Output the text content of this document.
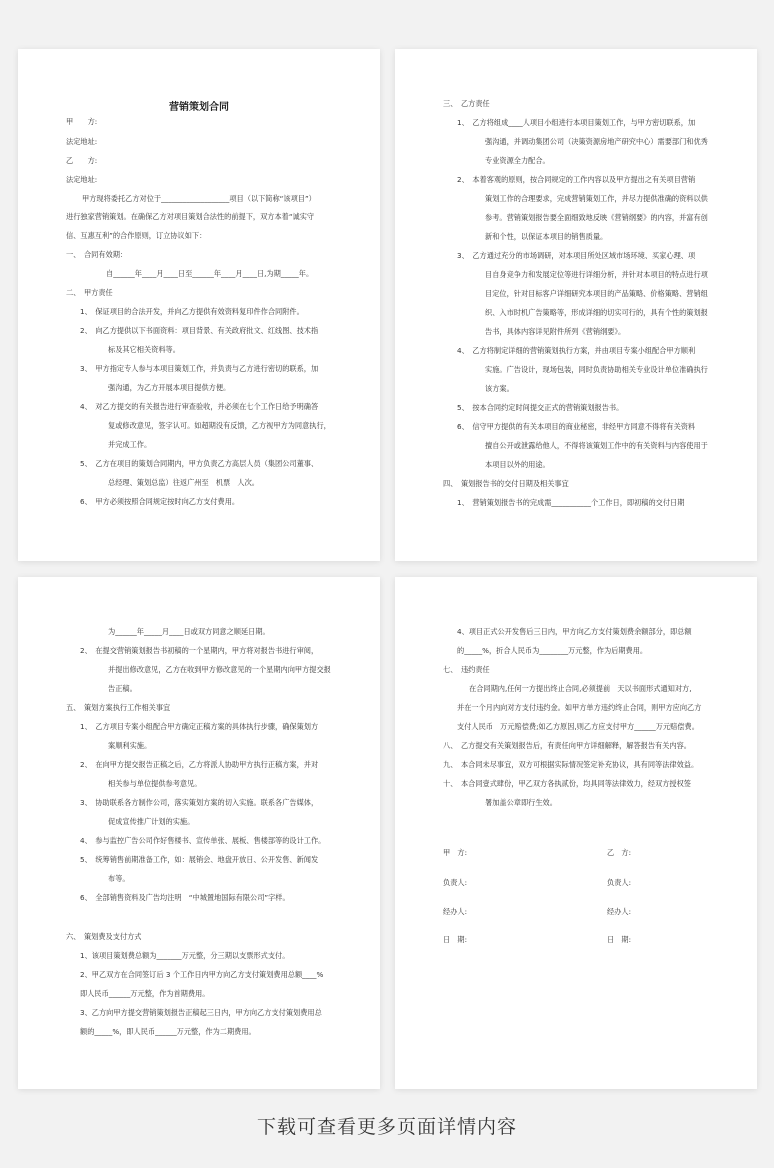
营销策划合同
甲　　方:
法定地址:
乙　　方:
法定地址:
甲方现将委托乙方对位于___________________项目（以下简称“该项目”）
进行独家营销策划。在确保乙方对项目策划合法性的前提下，双方本着“诚实守
信、互惠互利”的合作原则，订立协议如下：
一、　合同有效期：
自______年____月____日至______年____月____日,为期_____年。
二、　甲方责任
1、　保证项目的合法开发，并向乙方提供有效资料复印件作合同附件。
2、　向乙方提供以下书面资料：项目背景、有关政府批文、红线图、技术指
标及其它相关资料等。
3、　甲方指定专人参与本项目策划工作，并负责与乙方进行密切的联系，加
强沟通，为乙方开展本项目提供方便。
4、　对乙方提交的有关报告进行审查验收，并必须在七个工作日给予明确答
复或修改意见，签字认可。如超期没有反馈，乙方视甲方为同意执行，
并完成工作。
5、　乙方在项目的策划合同期内，甲方负责乙方高层人员（集团公司董事、
总经理、策划总监）往返广州至　机票　人次。
6、　甲方必须按照合同规定按时向乙方支付费用。
三、　乙方责任
1、　乙方将组成____人项目小组进行本项目策划工作，与甲方密切联系，加
强沟通，并调动集团公司（决策资源房地产研究中心）需要部门和优秀
专业资源全力配合。
2、　本着客观的原则，按合同规定的工作内容以及甲方提出之有关项目营销
策划工作的合理要求，完成营销策划工作，并尽力提供准确的资料以供
参考。营销策划报告要全面细致地反映《营销纲要》的内容，并富有创
新和个性，以保证本项目的销售质量。
3、　乙方通过充分的市场调研，对本项目所处区域市场环境、买家心理、项
目自身竞争力和发展定位等进行详细分析，并针对本项目的特点进行项
目定位，针对目标客户详细研究本项目的产品策略、价格策略、营销组
织、入市时机广告策略等，形成详细的切实可行的，具有个性的策划报
告书，具体内容详见附件所列《营销纲要》。
4、　乙方将制定详细的营销策划执行方案，并由项目专案小组配合甲方顺利
实施。广告设计，现场包装，同时负责协助相关专业设计单位准确执行
该方案。
5、　按本合同约定时间提交正式的营销策划报告书。
6、　信守甲方提供的有关本项目的商业秘密，非经甲方同意不得将有关资料
擅自公开或泄露给他人，不得将该策划工作中的有关资料与内容使用于
本项目以外的用途。
四、　策划报告书的交付日期及相关事宜
1、　营销策划报告书的完成需___________个工作日，即初稿的交付日期
为______年_____月____日或双方同意之顺延日期。
2、　在提交营销策划报告书初稿的一个星期内，甲方将对报告书进行审阅，
并提出修改意见，乙方在收到甲方修改意见的一个星期内向甲方提交报
告正稿。
五、　策划方案执行工作相关事宜
1、　乙方项目专案小组配合甲方确定正稿方案的具体执行步骤，确保策划方
案顺利实施。
2、　在向甲方提交报告正稿之后，乙方将派人协助甲方执行正稿方案，并对
相关参与单位提供参考意见。
3、　协助联系各方制作公司，落实策划方案的切入实施。联系各广告媒体，
促成宣传推广计划的实施。
4、　参与监控广告公司作好售楼书、宣传单张、展板、售楼部等的设计工作。
5、　统筹销售前期准备工作，如：展销会、地盘开放日、公开发售、新闻发
布等。
6、　全部销售资料及广告均注明　“中城置地国际有限公司”字样。
六、　策划费及支付方式
1、该项目策划费总额为_______万元整，分三期以支票形式支付。
2、甲乙双方在合同签订后 3 个工作日内甲方向乙方支付策划费用总额____%
即人民币______万元整，作为首期费用。
3、乙方向甲方提交营销策划报告正稿起三日内，甲方向乙方支付策划费用总
额的_____%，即人民币______万元整，作为二期费用。
4、项目正式公开发售后三日内，甲方向乙方支付策划费余额部分，即总额
的_____%，折合人民币为________万元整，作为后期费用。
七、　违约责任
在合同期内,任何一方提出终止合同,必须提前　天以书面形式通知对方,
并在一个月内向对方支付违约金。如甲方单方违约终止合同，则甲方应向乙方
支付人民币　万元赔偿费;如乙方原因,则乙方应支付甲方______万元赔偿费。
八、　乙方提交有关策划报告后，有责任向甲方详细解释，解答报告有关内容。
九、　本合同未尽事宜，双方可根据实际情况签定补充协议，具有同等法律效益。
十、　本合同壹式肆份，甲乙双方各执贰份，均具同等法律效力，经双方授权签
署加盖公章即行生效。
甲　方:	乙　方:
负责人:	负责人:
经办人:	经办人:
日　期:	日　期:
下载可查看更多页面详情内容
